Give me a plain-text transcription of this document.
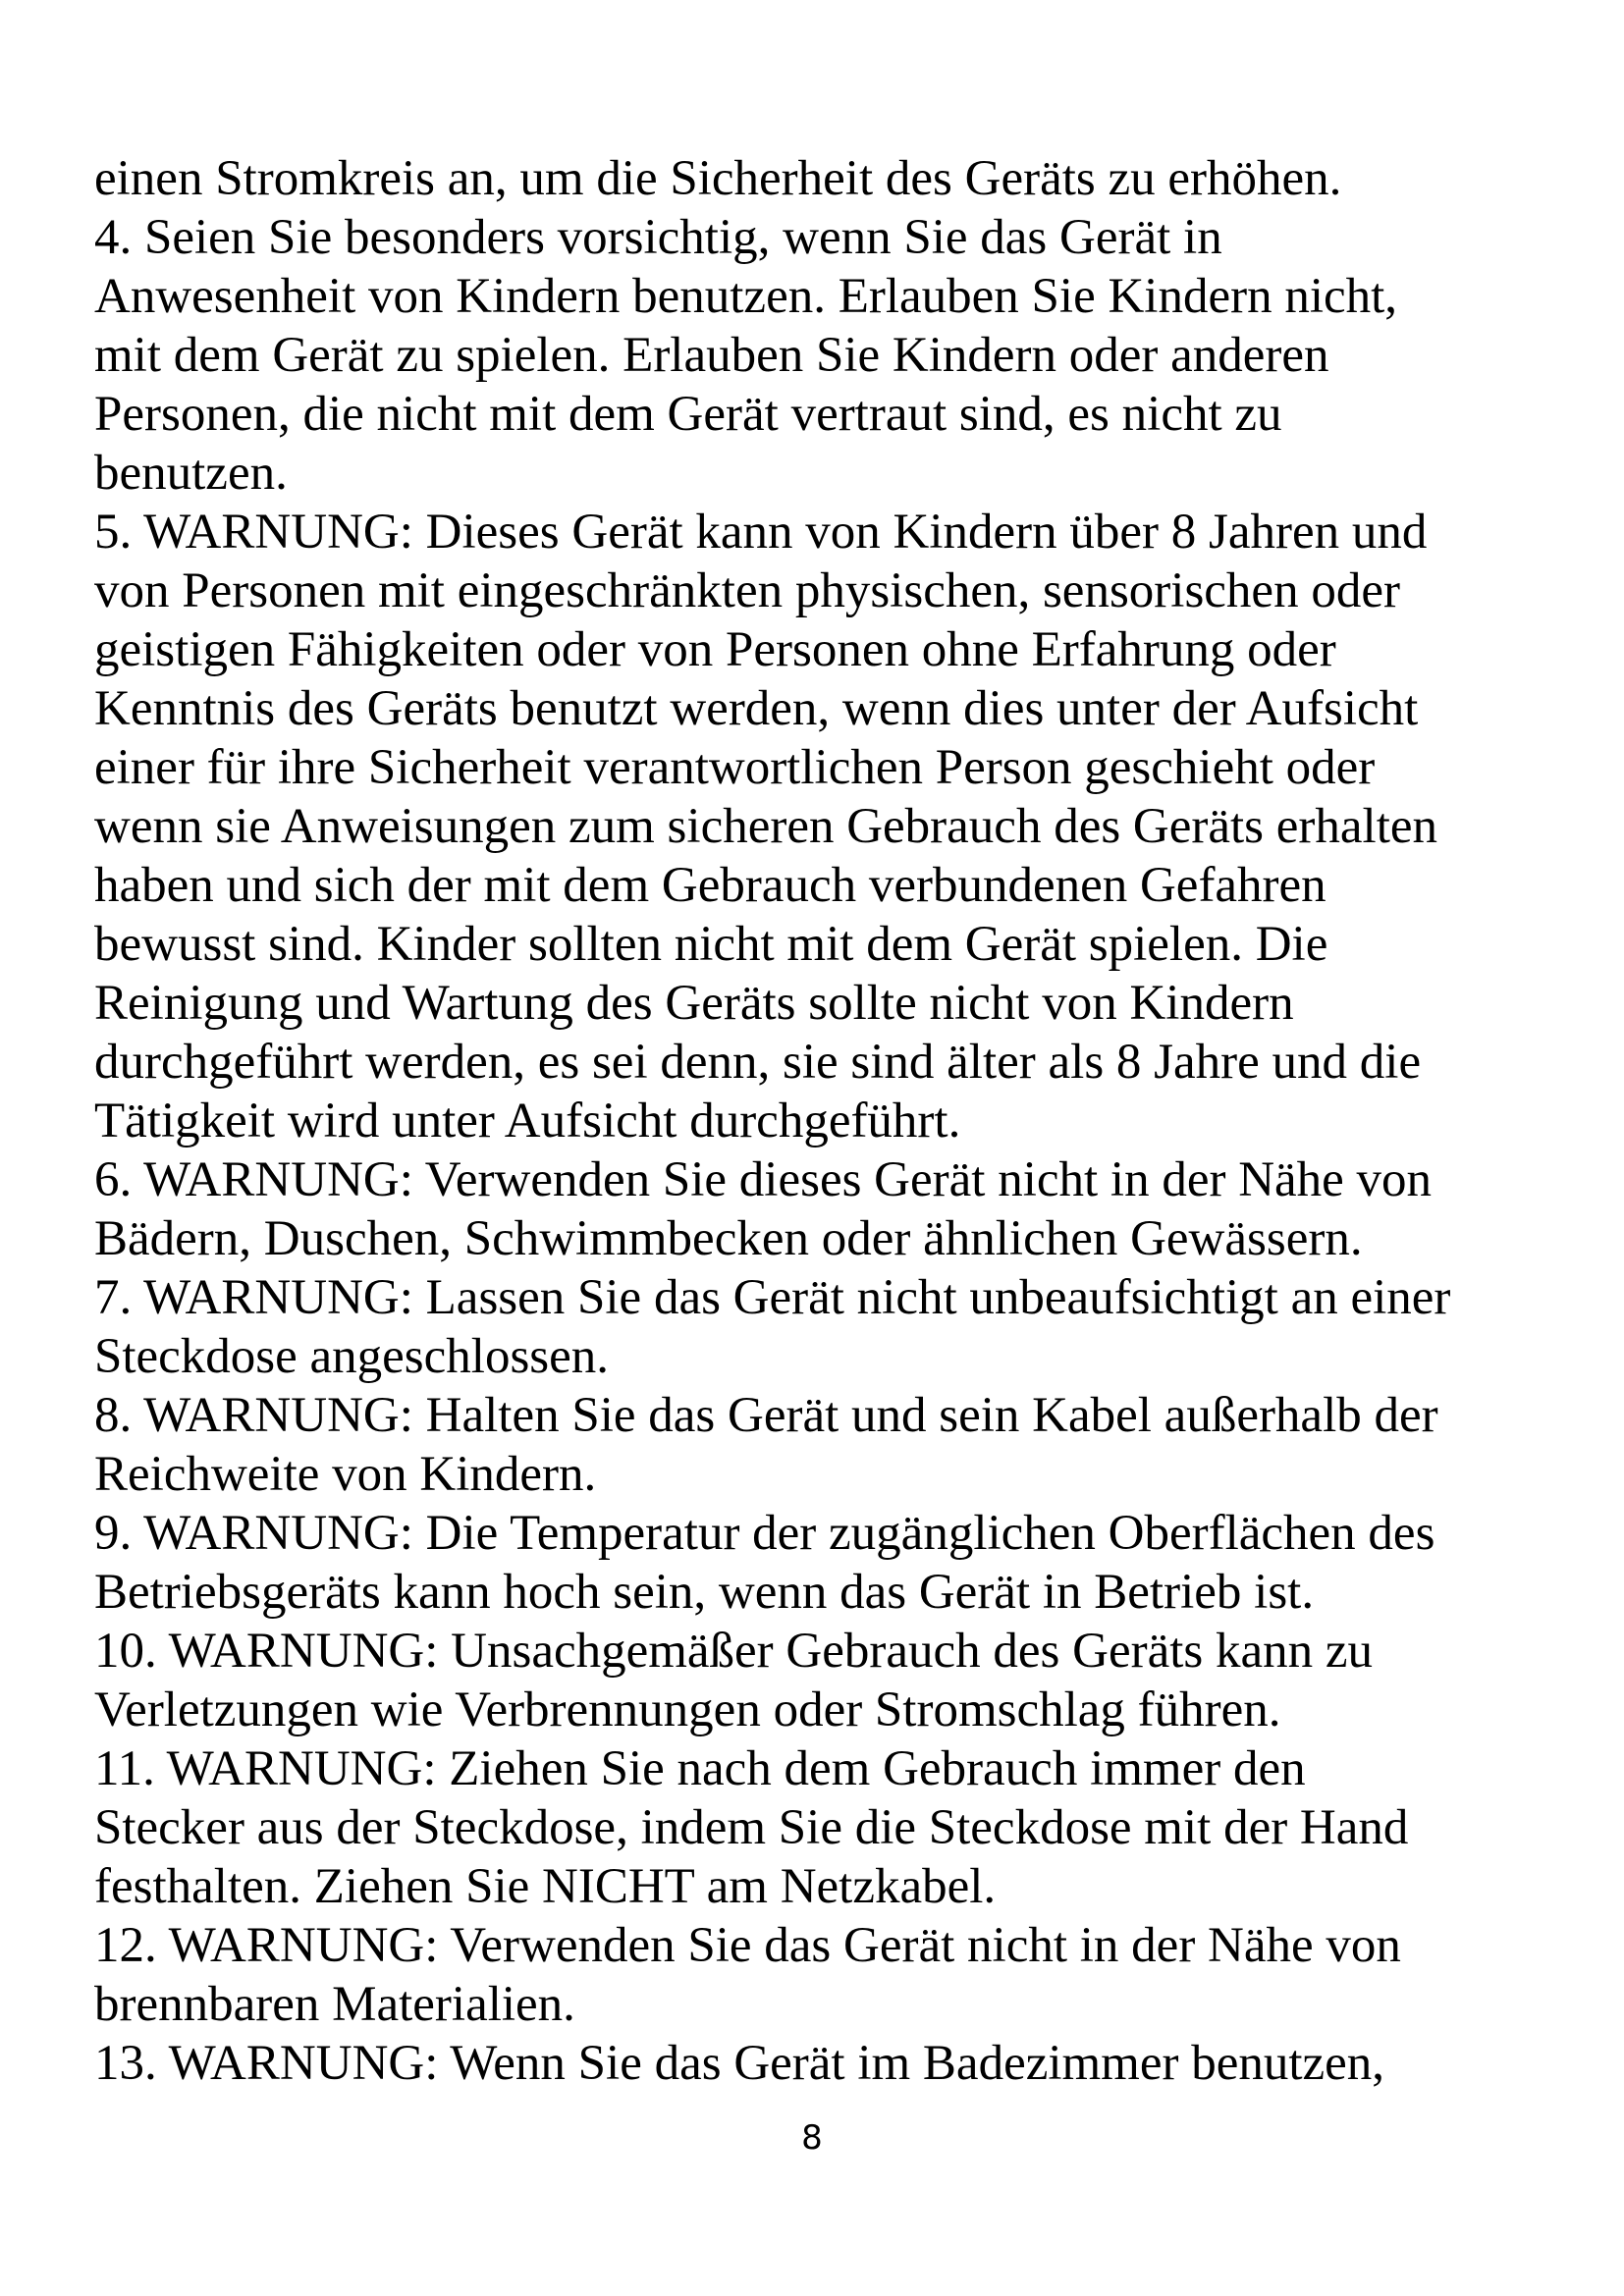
einen Stromkreis an, um die Sicherheit des Geräts zu erhöhen.
4. Seien Sie besonders vorsichtig, wenn Sie das Gerät in
Anwesenheit von Kindern benutzen. Erlauben Sie Kindern nicht,
mit dem Gerät zu spielen. Erlauben Sie Kindern oder anderen
Personen, die nicht mit dem Gerät vertraut sind, es nicht zu
benutzen.
5. WARNUNG: Dieses Gerät kann von Kindern über 8 Jahren und
von Personen mit eingeschränkten physischen, sensorischen oder
geistigen Fähigkeiten oder von Personen ohne Erfahrung oder
Kenntnis des Geräts benutzt werden, wenn dies unter der Aufsicht
einer für ihre Sicherheit verantwortlichen Person geschieht oder
wenn sie Anweisungen zum sicheren Gebrauch des Geräts erhalten
haben und sich der mit dem Gebrauch verbundenen Gefahren
bewusst sind. Kinder sollten nicht mit dem Gerät spielen. Die
Reinigung und Wartung des Geräts sollte nicht von Kindern
durchgeführt werden, es sei denn, sie sind älter als 8 Jahre und die
Tätigkeit wird unter Aufsicht durchgeführt.
6. WARNUNG: Verwenden Sie dieses Gerät nicht in der Nähe von
Bädern, Duschen, Schwimmbecken oder ähnlichen Gewässern.
7. WARNUNG: Lassen Sie das Gerät nicht unbeaufsichtigt an einer
Steckdose angeschlossen.
8. WARNUNG: Halten Sie das Gerät und sein Kabel außerhalb der
Reichweite von Kindern.
9. WARNUNG: Die Temperatur der zugänglichen Oberflächen des
Betriebsgeräts kann hoch sein, wenn das Gerät in Betrieb ist.
10. WARNUNG: Unsachgemäßer Gebrauch des Geräts kann zu
Verletzungen wie Verbrennungen oder Stromschlag führen.
11. WARNUNG: Ziehen Sie nach dem Gebrauch immer den
Stecker aus der Steckdose, indem Sie die Steckdose mit der Hand
festhalten. Ziehen Sie NICHT am Netzkabel.
12. WARNUNG: Verwenden Sie das Gerät nicht in der Nähe von
brennbaren Materialien.
13. WARNUNG: Wenn Sie das Gerät im Badezimmer benutzen,
8
